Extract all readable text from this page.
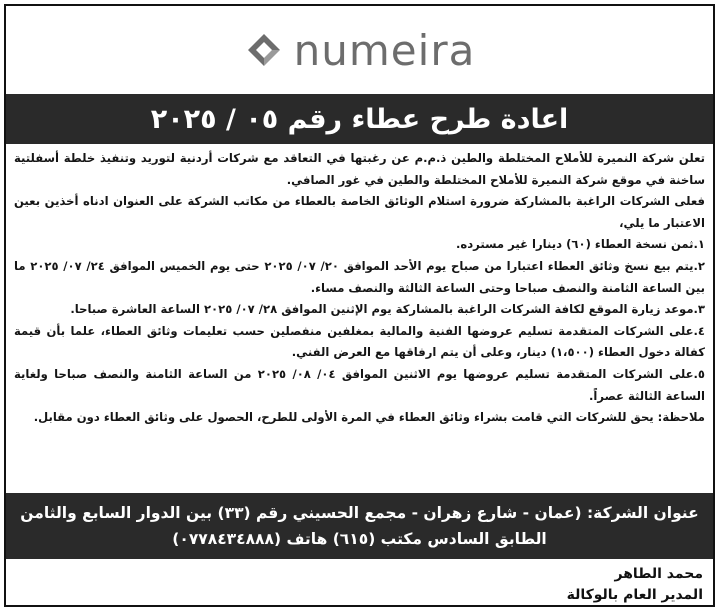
numeira
اعادة طرح عطاء رقم ٠٥ / ٢٠٢٥

تعلن شركة النميرة للأملاح المختلطة والطين ذ.م.م عن رغبتها في التعاقد مع شركات أردنية لتوريد وتنفيذ خلطة أسفلتية ساخنة في موقع شركة النميرة للأملاح المختلطة والطين في غور الصافي.

فعلى الشركات الراغبة بالمشاركة ضرورة استلام الوثائق الخاصة بالعطاء من مكاتب الشركة على العنوان ادناه أخذين بعين الاعتبار ما يلي،

١.ثمن نسخة العطاء (٦٠) دينارا غير مسترده.

٢.يتم بيع نسخ وثائق العطاء اعتبارا من صباح يوم الأحد الموافق ٢٠/ ٠٧/ ٢٠٢٥ حتى يوم الخميس الموافق ٢٤/ ٠٧/ ٢٠٢٥ ما بين الساعة الثامنة والنصف صباحا وحتى الساعة الثالثة والنصف مساء.

٣.موعد زيارة الموقع لكافة الشركات الراغبة بالمشاركة يوم الإثنين الموافق ٢٨/ ٠٧/ ٢٠٢٥ الساعة العاشرة صباحا.

٤.على الشركات المتقدمة تسليم عروضها الفنية والمالية بمغلفين منفصلين حسب تعليمات وثائق العطاء، علما بأن قيمة كفالة دخول العطاء (١،٥٠٠) دينار، وعلى أن يتم ارفاقها مع العرض الفني.

٥.على الشركات المتقدمة تسليم عروضها يوم الاثنين الموافق ٠٤/ ٠٨/ ٢٠٢٥ من الساعة الثامنة والنصف صباحا ولغاية الساعة الثالثة عصراً.

ملاحظة: يحق للشركات التي قامت بشراء وثائق العطاء في المرة الأولى للطرح، الحصول على وثائق العطاء دون مقابل.

عنوان الشركة: (عمان - شارع زهران - مجمع الحسيني رقم (٣٣) بين الدوار السابع والثامن
الطابق السادس مكتب (٦١٥) هاتف (٠٧٧٨٤٣٤٨٨٨)
محمد الطاهر
المدير العام بالوكالة
